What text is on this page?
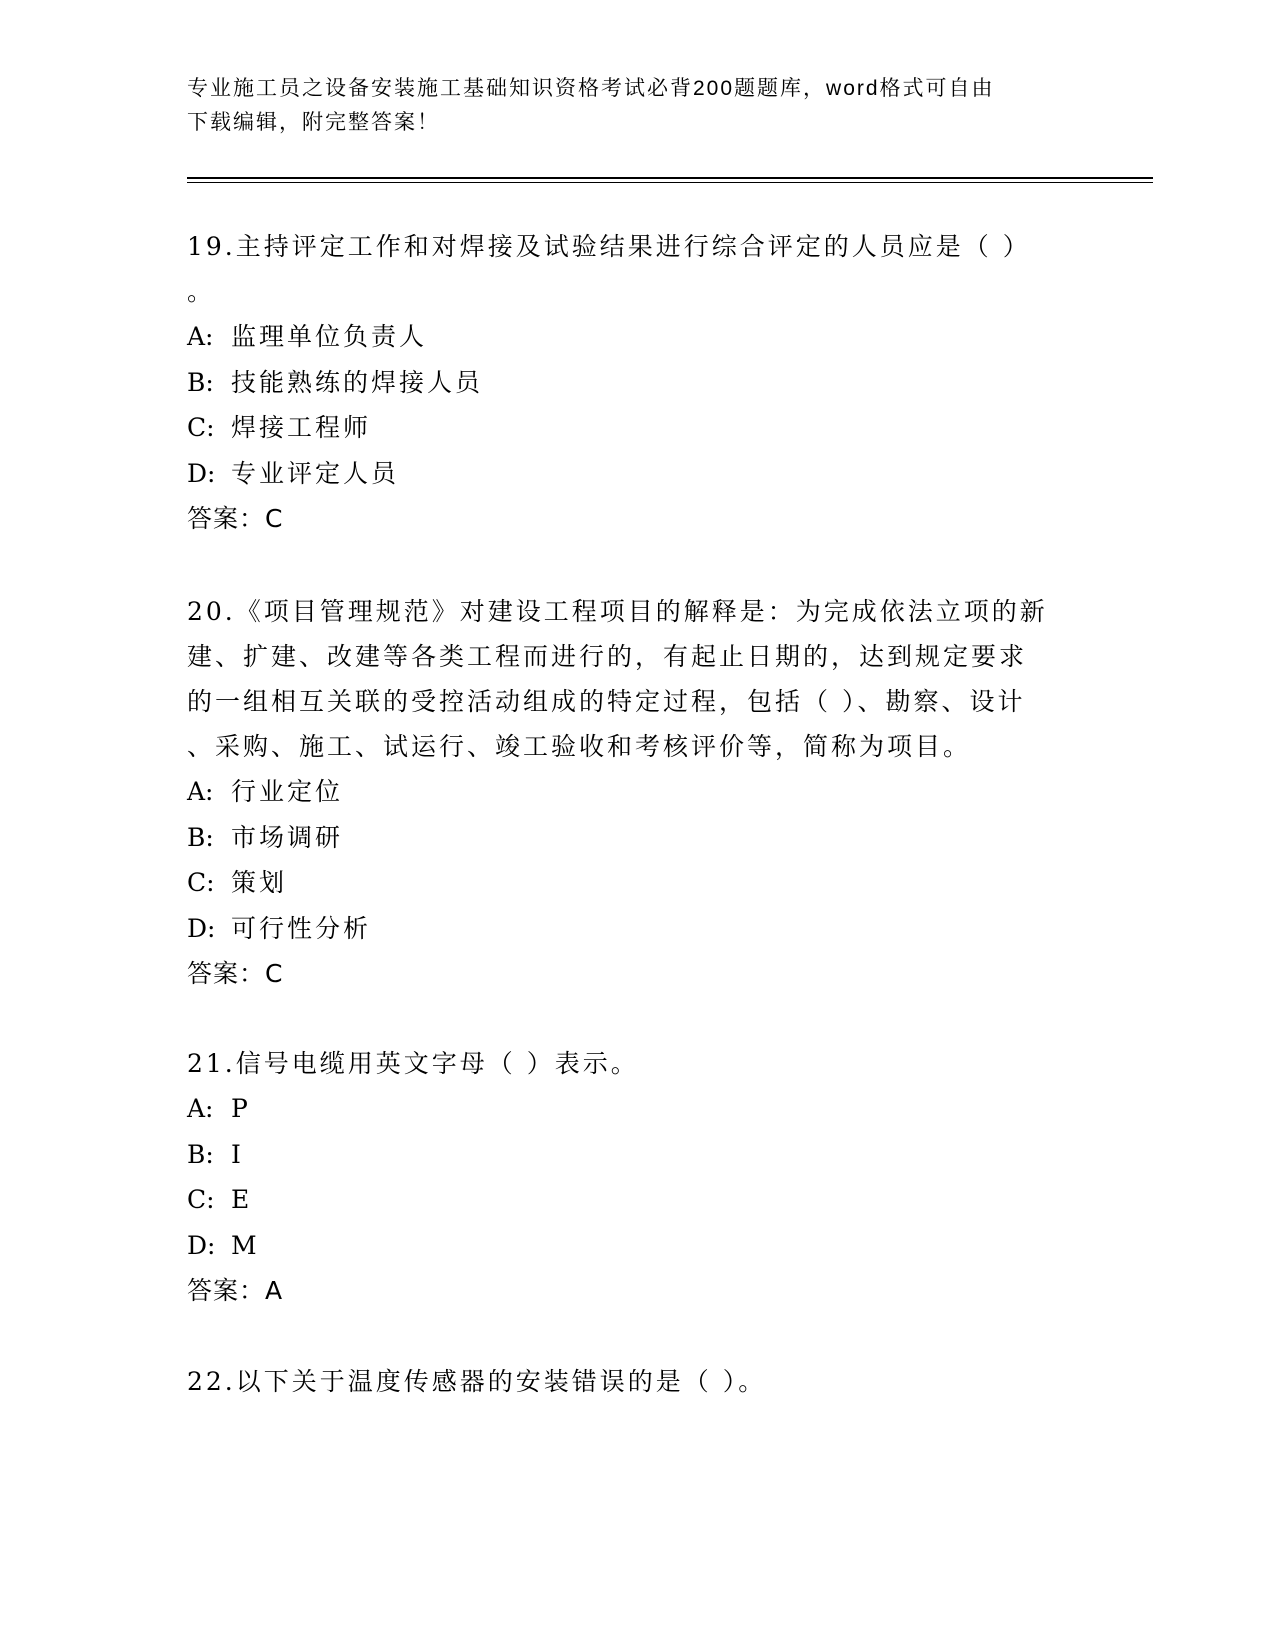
专业施工员之设备安装施工基础知识资格考试必背200题题库，word格式可自由
下载编辑，附完整答案！
19.主持评定工作和对焊接及试验结果进行综合评定的人员应是（ ）
。
A: 监理单位负责人
B: 技能熟练的焊接人员
C: 焊接工程师
D: 专业评定人员
答案：C
20.《项目管理规范》对建设工程项目的解释是：为完成依法立项的新
建、扩建、改建等各类工程而进行的，有起止日期的，达到规定要求
的一组相互关联的受控活动组成的特定过程，包括（ ）、勘察、设计
、采购、施工、试运行、竣工验收和考核评价等，简称为项目。
A: 行业定位
B: 市场调研
C: 策划
D: 可行性分析
答案：C
21.信号电缆用英文字母（ ）表示。
A: P
B: I
C: E
D: M
答案：A
22.以下关于温度传感器的安装错误的是（ ）。
